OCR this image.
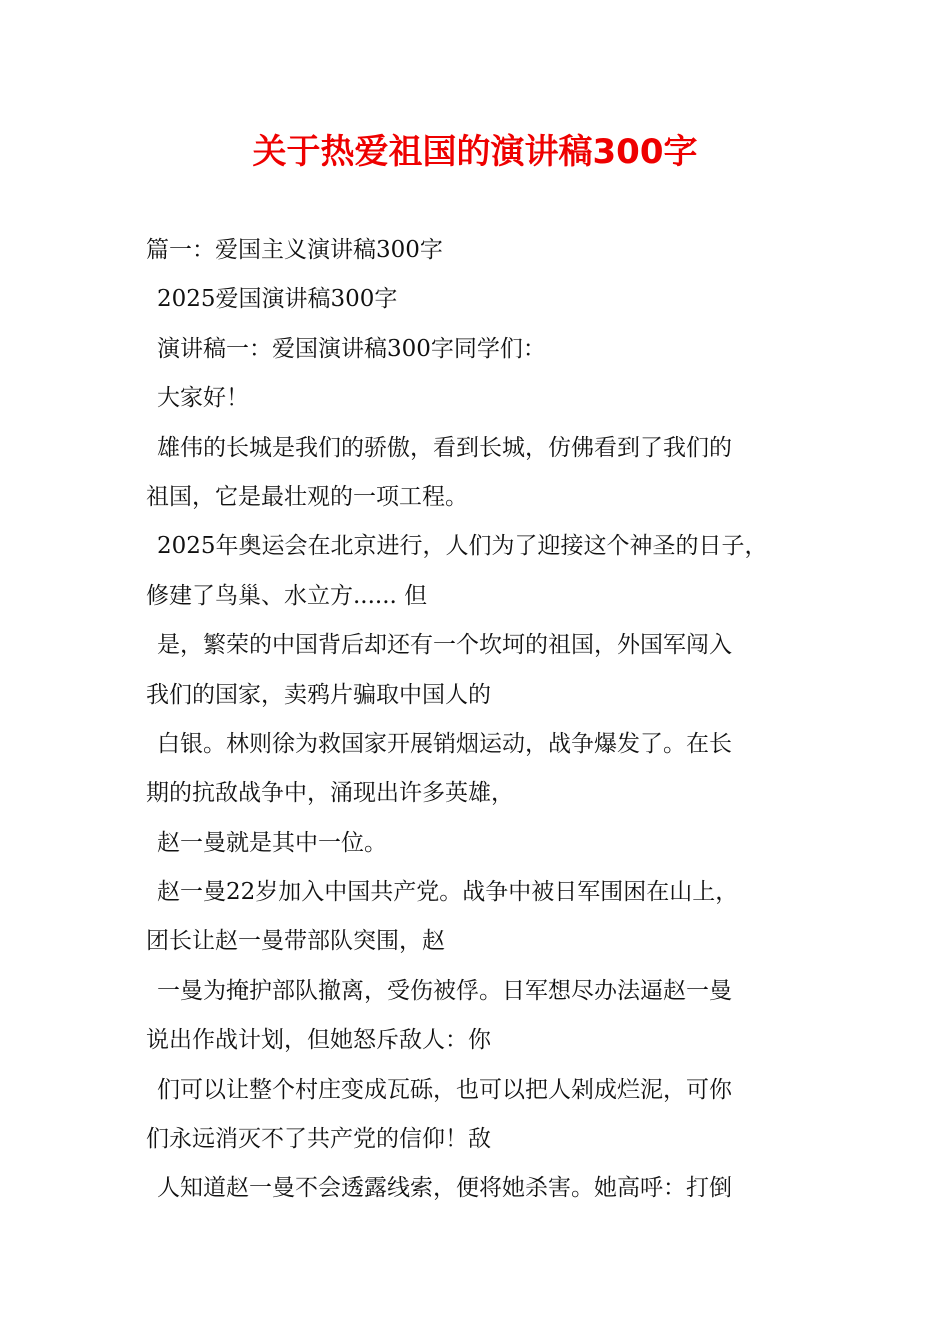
关于热爱祖国的演讲稿300字
篇一：爱国主义演讲稿300字
2025爱国演讲稿300字
演讲稿一：爱国演讲稿300字同学们：
大家好！
雄伟的长城是我们的骄傲，看到长城，仿佛看到了我们的
祖国，它是最壮观的一项工程。
2025年奥运会在北京进行，人们为了迎接这个神圣的日子，
修建了鸟巢、水立方...... 但
是，繁荣的中国背后却还有一个坎坷的祖国，外国军闯入
我们的国家，卖鸦片骗取中国人的
白银。林则徐为救国家开展销烟运动，战争爆发了。在长
期的抗敌战争中，涌现出许多英雄，
赵一曼就是其中一位。
赵一曼22岁加入中国共产党。战争中被日军围困在山上，
团长让赵一曼带部队突围，赵
一曼为掩护部队撤离，受伤被俘。日军想尽办法逼赵一曼
说出作战计划，但她怒斥敌人：你
们可以让整个村庄变成瓦砾，也可以把人剁成烂泥，可你
们永远消灭不了共产党的信仰！敌
人知道赵一曼不会透露线索，便将她杀害。她高呼：打倒
